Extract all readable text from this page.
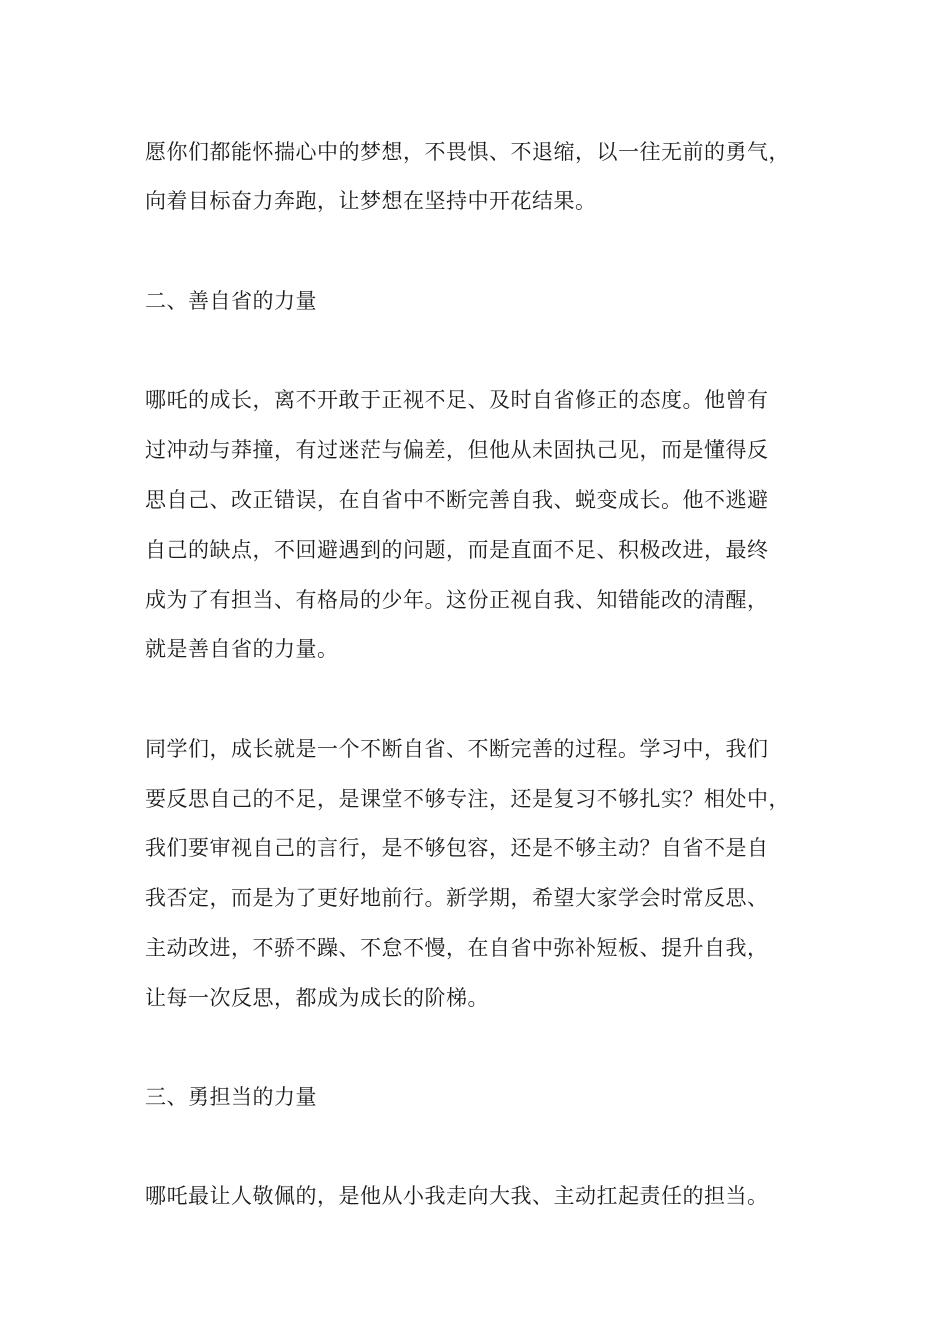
愿你们都能怀揣心中的梦想，不畏惧、不退缩，以一往无前的勇气，
向着目标奋力奔跑，让梦想在坚持中开花结果。
二、善自省的力量
哪吒的成长，离不开敢于正视不足、及时自省修正的态度。他曾有
过冲动与莽撞，有过迷茫与偏差，但他从未固执己见，而是懂得反
思自己、改正错误，在自省中不断完善自我、蜕变成长。他不逃避
自己的缺点，不回避遇到的问题，而是直面不足、积极改进，最终
成为了有担当、有格局的少年。这份正视自我、知错能改的清醒，
就是善自省的力量。
同学们，成长就是一个不断自省、不断完善的过程。学习中，我们
要反思自己的不足，是课堂不够专注，还是复习不够扎实？相处中，
我们要审视自己的言行，是不够包容，还是不够主动？自省不是自
我否定，而是为了更好地前行。新学期，希望大家学会时常反思、
主动改进，不骄不躁、不怠不慢，在自省中弥补短板、提升自我，
让每一次反思，都成为成长的阶梯。
三、勇担当的力量
哪吒最让人敬佩的，是他从小我走向大我、主动扛起责任的担当。
